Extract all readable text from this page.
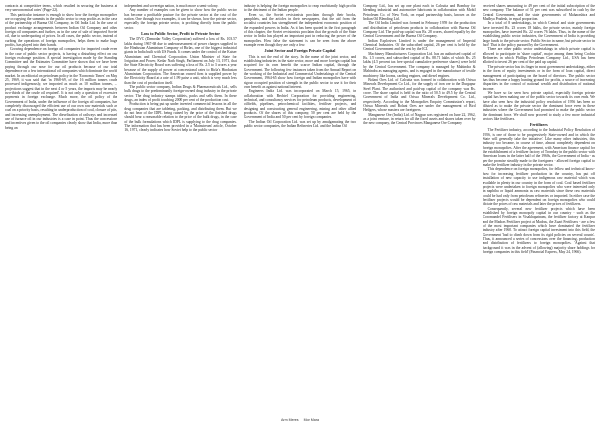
contracts at competitive terms, which resulted in securing the business at very uneconomical rates' (Page-22).

This particular instance is enough to show how the foreign monopolies are occupying the summits in the public sector to reap profits as in the case of the partnership of Burma Oil Company, in Oil India Ltd. In the case of product exchange arrangements between Indian Oil Company and other foreign oil companies and further, as in the case of sale of imported Soviet oil, due to underquoting of prices. In all cases, the public sector, instead of curbing the operations of foreign monopolies, helps them to make huge profits, has played into their hands.

Growing dependence on foreign oil companies for imported crude even in the case of public sector projects, is having a disturbing effect on our foreign exchange position. A special investigation made by the Standing Committee and the Estimates Committee have shown that we have been paying through our nose for our oil products because of our total dependence on a few international oil companies which dominate the world market. In an editorial on petroleum policy in the 'Economic Times' on May 25, 1969, it was said that 'in 1968-69, of the 16 million tonnes crude processed indigenously, we imported as much as 10 million tonnes, ... projections suggest that in the next 4 or 5 years, the imports may be nearly two-thirds of the crude oil required'. It is not only a question of excessive payments in foreign exchange. Much more, the oil policy of the Government of India, under the influence of the foreign oil companies, has completely discouraged the efficient use of our own raw materials such as coal on a priority basis, resulting in underproduction of coal, closure of pits, and increasing unemployment. The dieselization of railways and increased use of furnace oil in our industries is a case in point. Thus the concessions and incentives given to the oil companies clearly show that India, more than being an

independent and sovereign nation, is much more a semi-colony.

Any number of examples can be given to show how the public sector has become a profitable pasture for the private sector at the cost of the nation. One through two examples, it can be shown, how the private sector, especially the foreign private sector, is profiting directly from the public sector.

Loss to Public Sector, Profit to Private Sector

The DVC (Damodar Valley Corporation) suffered a loss of Rs. 103.57 lakhs during 1967-68 due to underassessment of power charges supplied to the Hindustan Aluminium Company of Birlas, one of the biggest industrial giants in India built with US Funds. It comes under the control of the Kaiser Aluminium and Chemical Corporation. Union Minister of State for Irrigation and Power, Kedar Nath Singh, Parliament on July 13, 1971, that the State Electricity Board was suffering a loss of Rs. 2.5 to 3 crores a year because of the supply of power at concessional rates to Birla's Hindustan Aluminium Corporation. The American owned firm is supplied power by the Electricity Board at a rate of 1.99 paise a unit, which is very much less than the cost of production itself.

The public sector company, Indian Drugs & Pharmaceuticals Ltd., sells bulk drugs to the predominantly foreign-owned drug industry in the private sector. The drug industry stamps tablets, packs and sells them. In these drugs, an index of profit touching 2000 per cent of the production cost.

Production is being put up under inverted commercial lessons in all the drug companies that are tableting, packing, and distributing them. But we do not hear of the IDPL being ruined by the price of the finished drugs should bear a reasonable relation to the price of the bulk drugs, in the case of the bulk formulations which IDPL is supplying to the drug companies. The information that has been provided in a 'Mainstream' article, October 16, 1971, clearly indicates how Soviet help to the public sector

industry is helping the foreign monopolies to reap exorbitantly high profits to the detriment of the Indian people.

Even so, the Soviet revisionists proclaim through their books, pamphlets, and the articles in their newspapers, that the aid from the socialist countries has strengthened the independent economic position of the expanded powers in India. As it has been quoted in the first paragraph of this chapter, the Soviet revisionists proclaim that the growth of the State sector in India has played an important part in reducing the power of the monopolies. How false the statement is can be seen from the above example even though they are only a few.

Joint Sector and Foreign Private Capital

This is not the end of the story. In the name of the joint sector, and establishing industries in the state sector, more and more foreign capital has acquired for its own benefit the scarce Indian capital, through the Government. The following few instances taken from the Annual Report on the working of the Industrial and Commercial Undertakings of the Central Government, 1964-65 show how foreign and Indian monopolies have with rigour occupied position of strength in the public sector to use it for their own benefit as against national interest.

Engineers India Ltd. was incorporated on March 15, 1965, in collaboration with Bechtel Corporation for providing engineering, technical, and consultancy services for petroleum products, development of oilfields, pipelines, petrochemical facilities, fertiliser projects, and designing and constructing general engineering, mining and other allied products. Of the shares of this company, 50 per cent are held by the Government of India and 50 per cent by foreign companies.

The Indian Oil Corporation Ltd. was set up by amalgamating the two public sector companies, the Indian Refineries Ltd. and the Indian Oil

Company Ltd., has set up one plant each in Calcutta and Bombay for blending industrial and automotive lubricants in collaboration with Mobil Petroleum Co. of New York, on equal partnership basis, known as the Indian Oil Blending Ltd.

The Oil India Limited was formed in February 1959 for the production and distribution of petroleum products in collaboration with Burma Oil Company Ltd. The paid-up capital was Rs. 28 crores, shared equally by the Central Government and the Burma Oil Company.

Indian Explosives Limited is under the management of Imperial Chemical Industries. Of the subscribed capital, 26 per cent is held by the Central Government and the rest by the ICI.

Machinery Manufacturers Corporation Ltd. has an authorised capital of Rs. 1.5 crores, and subscribed capital of Rs. 88.71 lakhs of which Rs. 25 lakhs (4.5 percent tax free special cumulative preference shares) were held by the Central Government. The company is managed by Mahindra & Mahindra as managing agents, and is engaged in the manufacture of textile machinery like looms, carding engines, and diesel engines.

Bolani Ores Ltd. of Calcutta was formed in collaboration with Orissa Minerals Development Co Ltd., for the supply of iron ore to the Durgapur Steel Plant. The authorised and paid-up capital of the company was Rs. crore. The share capital is held in the ratio of 50.5 to 49.5 by the Central Government of India and Orissa Minerals Development Co. Ltd., respectively. According to the Monopolies Enquiry Commission's report, Orissa Minerals and Bolani Ores are under the management of Bird Heilgers, whose masters are foreigners.

Manganese Ore (India) Ltd. of Nagpur was registered on June 22, 1962, as a joint venture, in return for all the fixed assets and shares taken over by the new company, the Central Provinces Manganese Ore Company

received shares amounting to 49 per cent of the initial subscription of the new company. The balance of 51 per cent was subscribed in cash by the Central Government, and the state governments of Maharashtra and Madhya Pradesh, in equal proportion.

In a total of 8 undertakings, in which Central and state governments have invested Rs. 23 crores 18 lakhs, the private sector, mainly foreign monopolies, have invested Rs. 22 crores 76 lakhs. Thus, in the name of the establishing public sector industries, the Government of India is providing large funds to the private sector. Public Sector in name, but private sector in fact! That is the policy pursued by the Government.

There are other public sector undertakings in which private capital is allowed to participate in 'share capital', major among them being Cochin Refineries in which Phillips Petroleum Company Ltd., USA has been allotted to invest 26 per cent of the paid up capital.

The private sector has its finger in most government undertakings, either in the form of equity investments or in the form of loan capital, direct management of participating on the board of directors. The public sector has thus become a happy hunting ground for profits, a source of increasing disparities in the control of national wealth and distribution of national income.

We have so far seen how private capital, especially foreign private capital has been making use of the public sector towards its own ends. We have also seen how the industrial policy resolution of 1956 has been so diluted as to make the private sector the dominant force even in these industries where the Government had promised to make the public sector the dominant force. We shall now proceed to study a few more industrial sectors like fertilisers.

Fertilizers

The Fertilizer industry, according to the Industrial Policy Resolution of 1956, is one of those to be progressively State-owned and in which the State will generally take the initiative'. Like many other industries, this industry too became, in course of time, almost completely dependent on foreign monopolies. After the agreement, with American finance capital for the establishment of a fertilizer factory of Trombay in the public sector with American loans in the latter half of the 1960s, the Government of India - as per the promise steadily made to the foreigners - allowed foreign capital to make the fertilizer industry in the private sector.

This dependence on foreign monopolies, for fellow and technical know-how for increasing fertilizer production in the country, has put off installation of new capacity to use indigenous raw material which was available in plenty in our country in the form of coal. Coal based fertilizer projects were undertaken to foreign monopolies who were interested only in naphtha or liquid ammonia as raw materials since these raw materials could be had only from petroleum refineries or imported. In either case the fertilizer projects would be dependent on foreign monopolies who could dictate the prices of raw materials and later the prices of fertilizers.

Consequently, several new fertilizer projects which have been established by foreign monopoly capital in our country - such as the Coromandel Fertilisers in Visakhapatnam, the fertilizer factory at Kanpur and the Madras Fertilizer project at Madras, the Zuari Fertilisers - are a few of the most important companies which have dominated the fertilizer industry after 1960. To attract foreign capital investment into this field, the Government 'had to climb down from its rigid policies on several counts'. Thus, it announced a series of concessions over the financing, production and distribution of fertilizers to foreign monopolies. 'Against that background it was in the advent of (allowing) majority share holdings for foreign companies in this field' (Financial Express, May 24, 1966).

Arm Meres Mor Mara
